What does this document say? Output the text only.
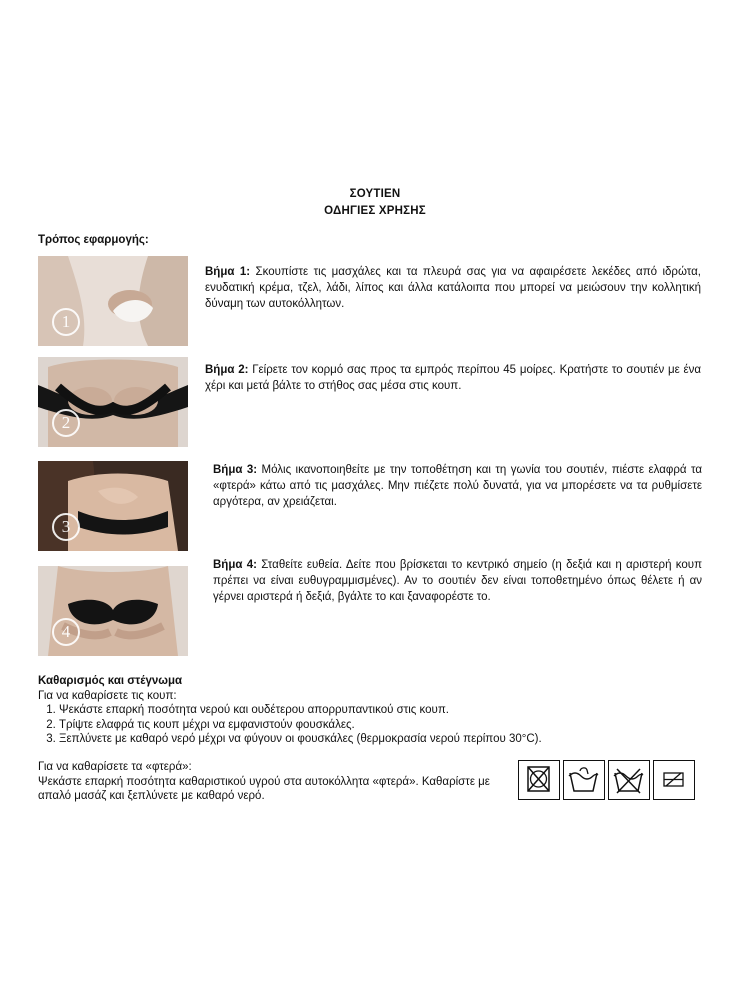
ΣΟΥΤΙΕΝ
ΟΔΗΓΙΕΣ ΧΡΗΣΗΣ
Τρόπος εφαρμογής:
1
2
3
4
Βήμα 1: Σκουπίστε τις μασχάλες και τα πλευρά σας για να αφαιρέσετε λεκέδες από ιδρώτα, ενυδατική κρέμα, τζελ, λάδι, λίπος και άλλα κατάλοιπα που μπορεί να μειώσουν την κολλητική δύναμη των αυτοκόλλητων.
Βήμα 2: Γείρετε τον κορμό σας προς τα εμπρός περίπου 45 μοίρες. Κρατήστε το σουτιέν με ένα χέρι και μετά βάλτε το στήθος σας μέσα στις κουπ.
Βήμα 3: Μόλις ικανοποιηθείτε με την τοποθέτηση και τη γωνία του σουτιέν, πιέστε ελαφρά τα «φτερά» κάτω από τις μασχάλες. Μην πιέζετε πολύ δυνατά, για να μπορέσετε να τα ρυθμίσετε αργότερα, αν χρειάζεται.
Βήμα 4: Σταθείτε ευθεία. Δείτε που βρίσκεται το κεντρικό σημείο (η δεξιά και η αριστερή κουπ πρέπει να είναι ευθυγραμμισμένες). Αν το σουτιέν δεν είναι τοποθετημένο όπως θέλετε ή αν γέρνει αριστερά ή δεξιά, βγάλτε το και ξαναφορέστε το.
Καθαρισμός και στέγνωμα
Για να καθαρίσετε τις κουπ:
1. Ψεκάστε επαρκή ποσότητα νερού και ουδέτερου απορρυπαντικού στις κουπ.
2. Τρίψτε ελαφρά τις κουπ μέχρι να εμφανιστούν φουσκάλες.
3. Ξεπλύνετε με καθαρό νερό μέχρι να φύγουν οι φουσκάλες (θερμοκρασία νερού περίπου 30°C).
Για να καθαρίσετε τα «φτερά»:
Ψεκάστε επαρκή ποσότητα καθαριστικού υγρού στα αυτοκόλλητα «φτερά». Καθαρίστε με απαλό μασάζ και ξεπλύνετε με καθαρό νερό.
